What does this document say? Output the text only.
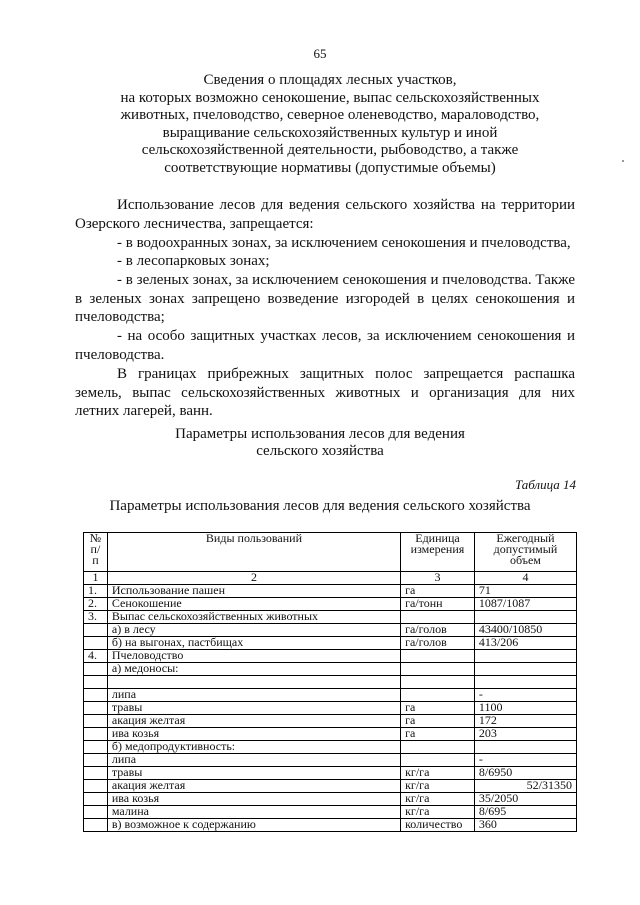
65
Сведения о площадях лесных участков,
на которых возможно сенокошение, выпас сельскохозяйственных
животных, пчеловодство, северное оленеводство, мараловодство,
выращивание сельскохозяйственных культур и иной
сельскохозяйственной деятельности, рыбоводство, а также
соответствующие нормативы (допустимые объемы)
Использование лесов для ведения сельского хозяйства на территории Озерского лесничества, запрещается:
- в водоохранных зонах, за исключением сенокошения и пчеловодства,
- в лесопарковых зонах;
- в зеленых зонах, за исключением сенокошения и пчеловодства. Также в зеленых зонах запрещено возведение изгородей в целях сенокошения и пчеловодства;
- на особо защитных участках лесов, за исключением сенокошения и пчеловодства.
В границах прибрежных защитных полос запрещается распашка земель, выпас сельскохозяйственных животных и организация для них летних лагерей, ванн.
Параметры использования лесов для ведения
сельского хозяйства
Таблица 14
Параметры использования лесов для ведения сельского хозяйства
№ п/п	Виды пользований	Единица измерения	Ежегодный допустимый объем
1	2	3	4
1.	Использование пашен	га	71
2.	Сенокошение	га/тонн	1087/1087
3.	Выпас сельскохозяйственных животных		
	а) в лесу	га/голов	43400/10850
	б) на выгонах, пастбищах	га/голов	413/206
4.	Пчеловодство		
	а) медоносы:		

	липа		-
	травы	га	1100
	акация желтая	га	172
	ива козья	га	203
	б) медопродуктивность:		
	липа		-
	травы	кг/га	8/6950
	акация желтая	кг/га	52/31350
	ива козья	кг/га	35/2050
	малина	кг/га	8/695
	в) возможное к содержанию	количество	360
